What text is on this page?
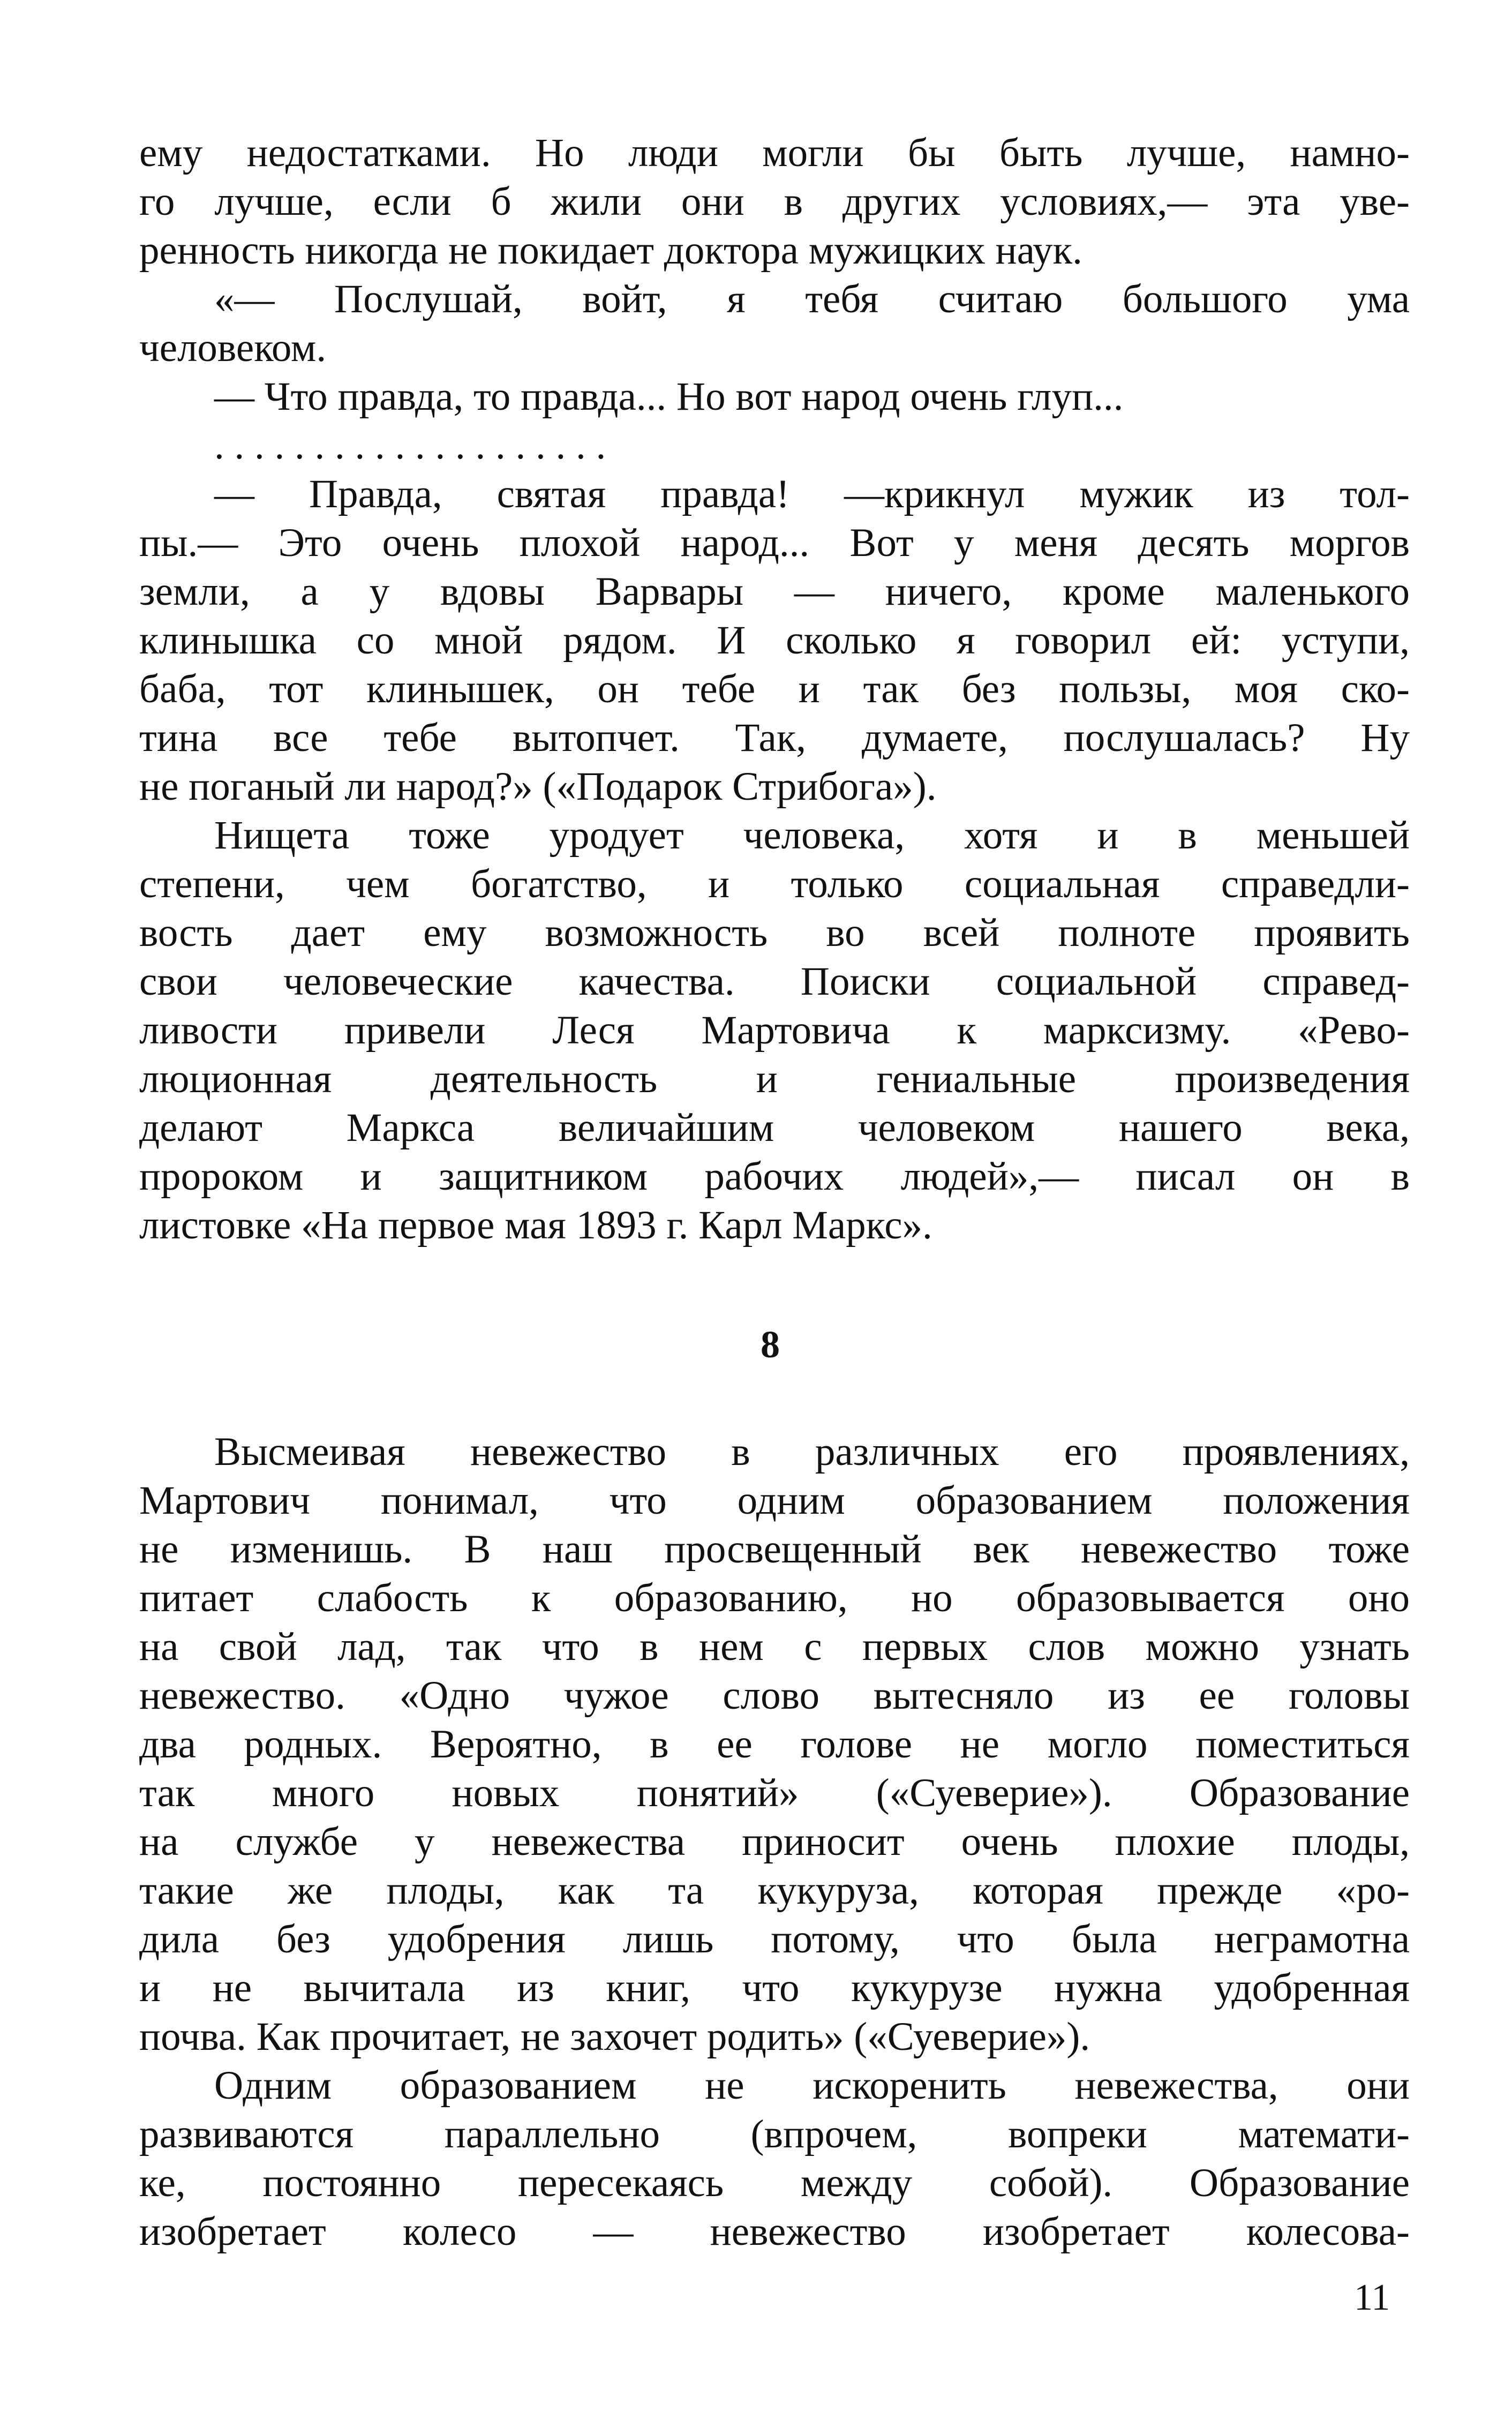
ему недостатками. Но люди могли бы быть лучше, намно-
го лучше, если б жили они в других условиях,— эта уве-
ренность никогда не покидает доктора мужицких наук.
«— Послушай, войт, я тебя считаю большого ума
человеком.
— Что правда, то правда... Но вот народ очень глуп...
. . . . . . . . . . . . . . . . . . . .
— Правда, святая правда! —крикнул мужик из тол-
пы.— Это очень плохой народ... Вот у меня десять моргов
земли, а у вдовы Варвары — ничего, кроме маленького
клинышка со мной рядом. И сколько я говорил ей: уступи,
баба, тот клинышек, он тебе и так без пользы, моя ско-
тина все тебе вытопчет. Так, думаете, послушалась? Ну
не поганый ли народ?» («Подарок Стрибога»).
Нищета тоже уродует человека, хотя и в меньшей
степени, чем богатство, и только социальная справедли-
вость дает ему возможность во всей полноте проявить
свои человеческие качества. Поиски социальной справед-
ливости привели Леся Мартовича к марксизму. «Рево-
люционная деятельность и гениальные произведения
делают Маркса величайшим человеком нашего века,
пророком и защитником рабочих людей»,— писал он в
листовке «На первое мая 1893 г. Карл Маркс».
8
Высмеивая невежество в различных его проявлениях,
Мартович понимал, что одним образованием положения
не изменишь. В наш просвещенный век невежество тоже
питает слабость к образованию, но образовывается оно
на свой лад, так что в нем с первых слов можно узнать
невежество. «Одно чужое слово вытесняло из ее головы
два родных. Вероятно, в ее голове не могло поместиться
так много новых понятий» («Суеверие»). Образование
на службе у невежества приносит очень плохие плоды,
такие же плоды, как та кукуруза, которая прежде «ро-
дила без удобрения лишь потому, что была неграмотна
и не вычитала из книг, что кукурузе нужна удобренная
почва. Как прочитает, не захочет родить» («Суеверие»).
Одним образованием не искоренить невежества, они
развиваются параллельно (впрочем, вопреки математи-
ке, постоянно пересекаясь между собой). Образование
изобретает колесо — невежество изобретает колесова-
11
